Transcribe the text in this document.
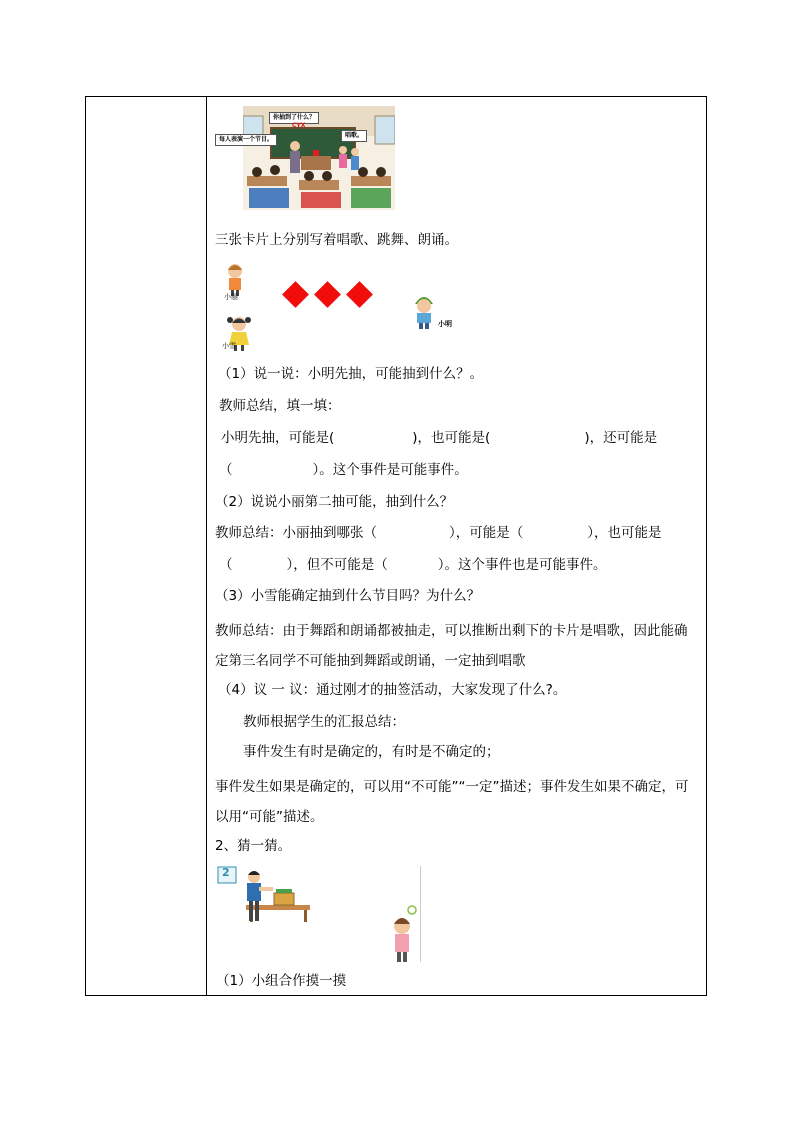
你抽到了什么？
每人表演一个节目。
唱歌。
CYX
三张卡片上分别写着唱歌、跳舞、朗诵。
小丽
小明
小雪
（1）说一说：小明先抽，可能抽到什么？。
教师总结，填一填：
小明先抽，可能是(	)，也可能是(	)，还可能是
（	）。这个事件是可能事件。
（2）说说小丽第二抽可能，抽到什么？
教师总结：小丽抽到哪张（	），可能是（	），也可能是
（	），但不可能是（	）。这个事件也是可能事件。
（3）小雪能确定抽到什么节目吗？为什么？
教师总结：由于舞蹈和朗诵都被抽走，可以推断出剩下的卡片是唱歌，因此能确定第三名同学不可能抽到舞蹈或朗诵，一定抽到唱歌
（4）议 一 议：通过刚才的抽签活动，大家发现了什么?。
教师根据学生的汇报总结：
事件发生有时是确定的，有时是不确定的；
事件发生如果是确定的，可以用“不可能”“一定”描述；事件发生如果不确定，可以用“可能”描述。
2、猜一猜。
2
（1）小组合作摸一摸
